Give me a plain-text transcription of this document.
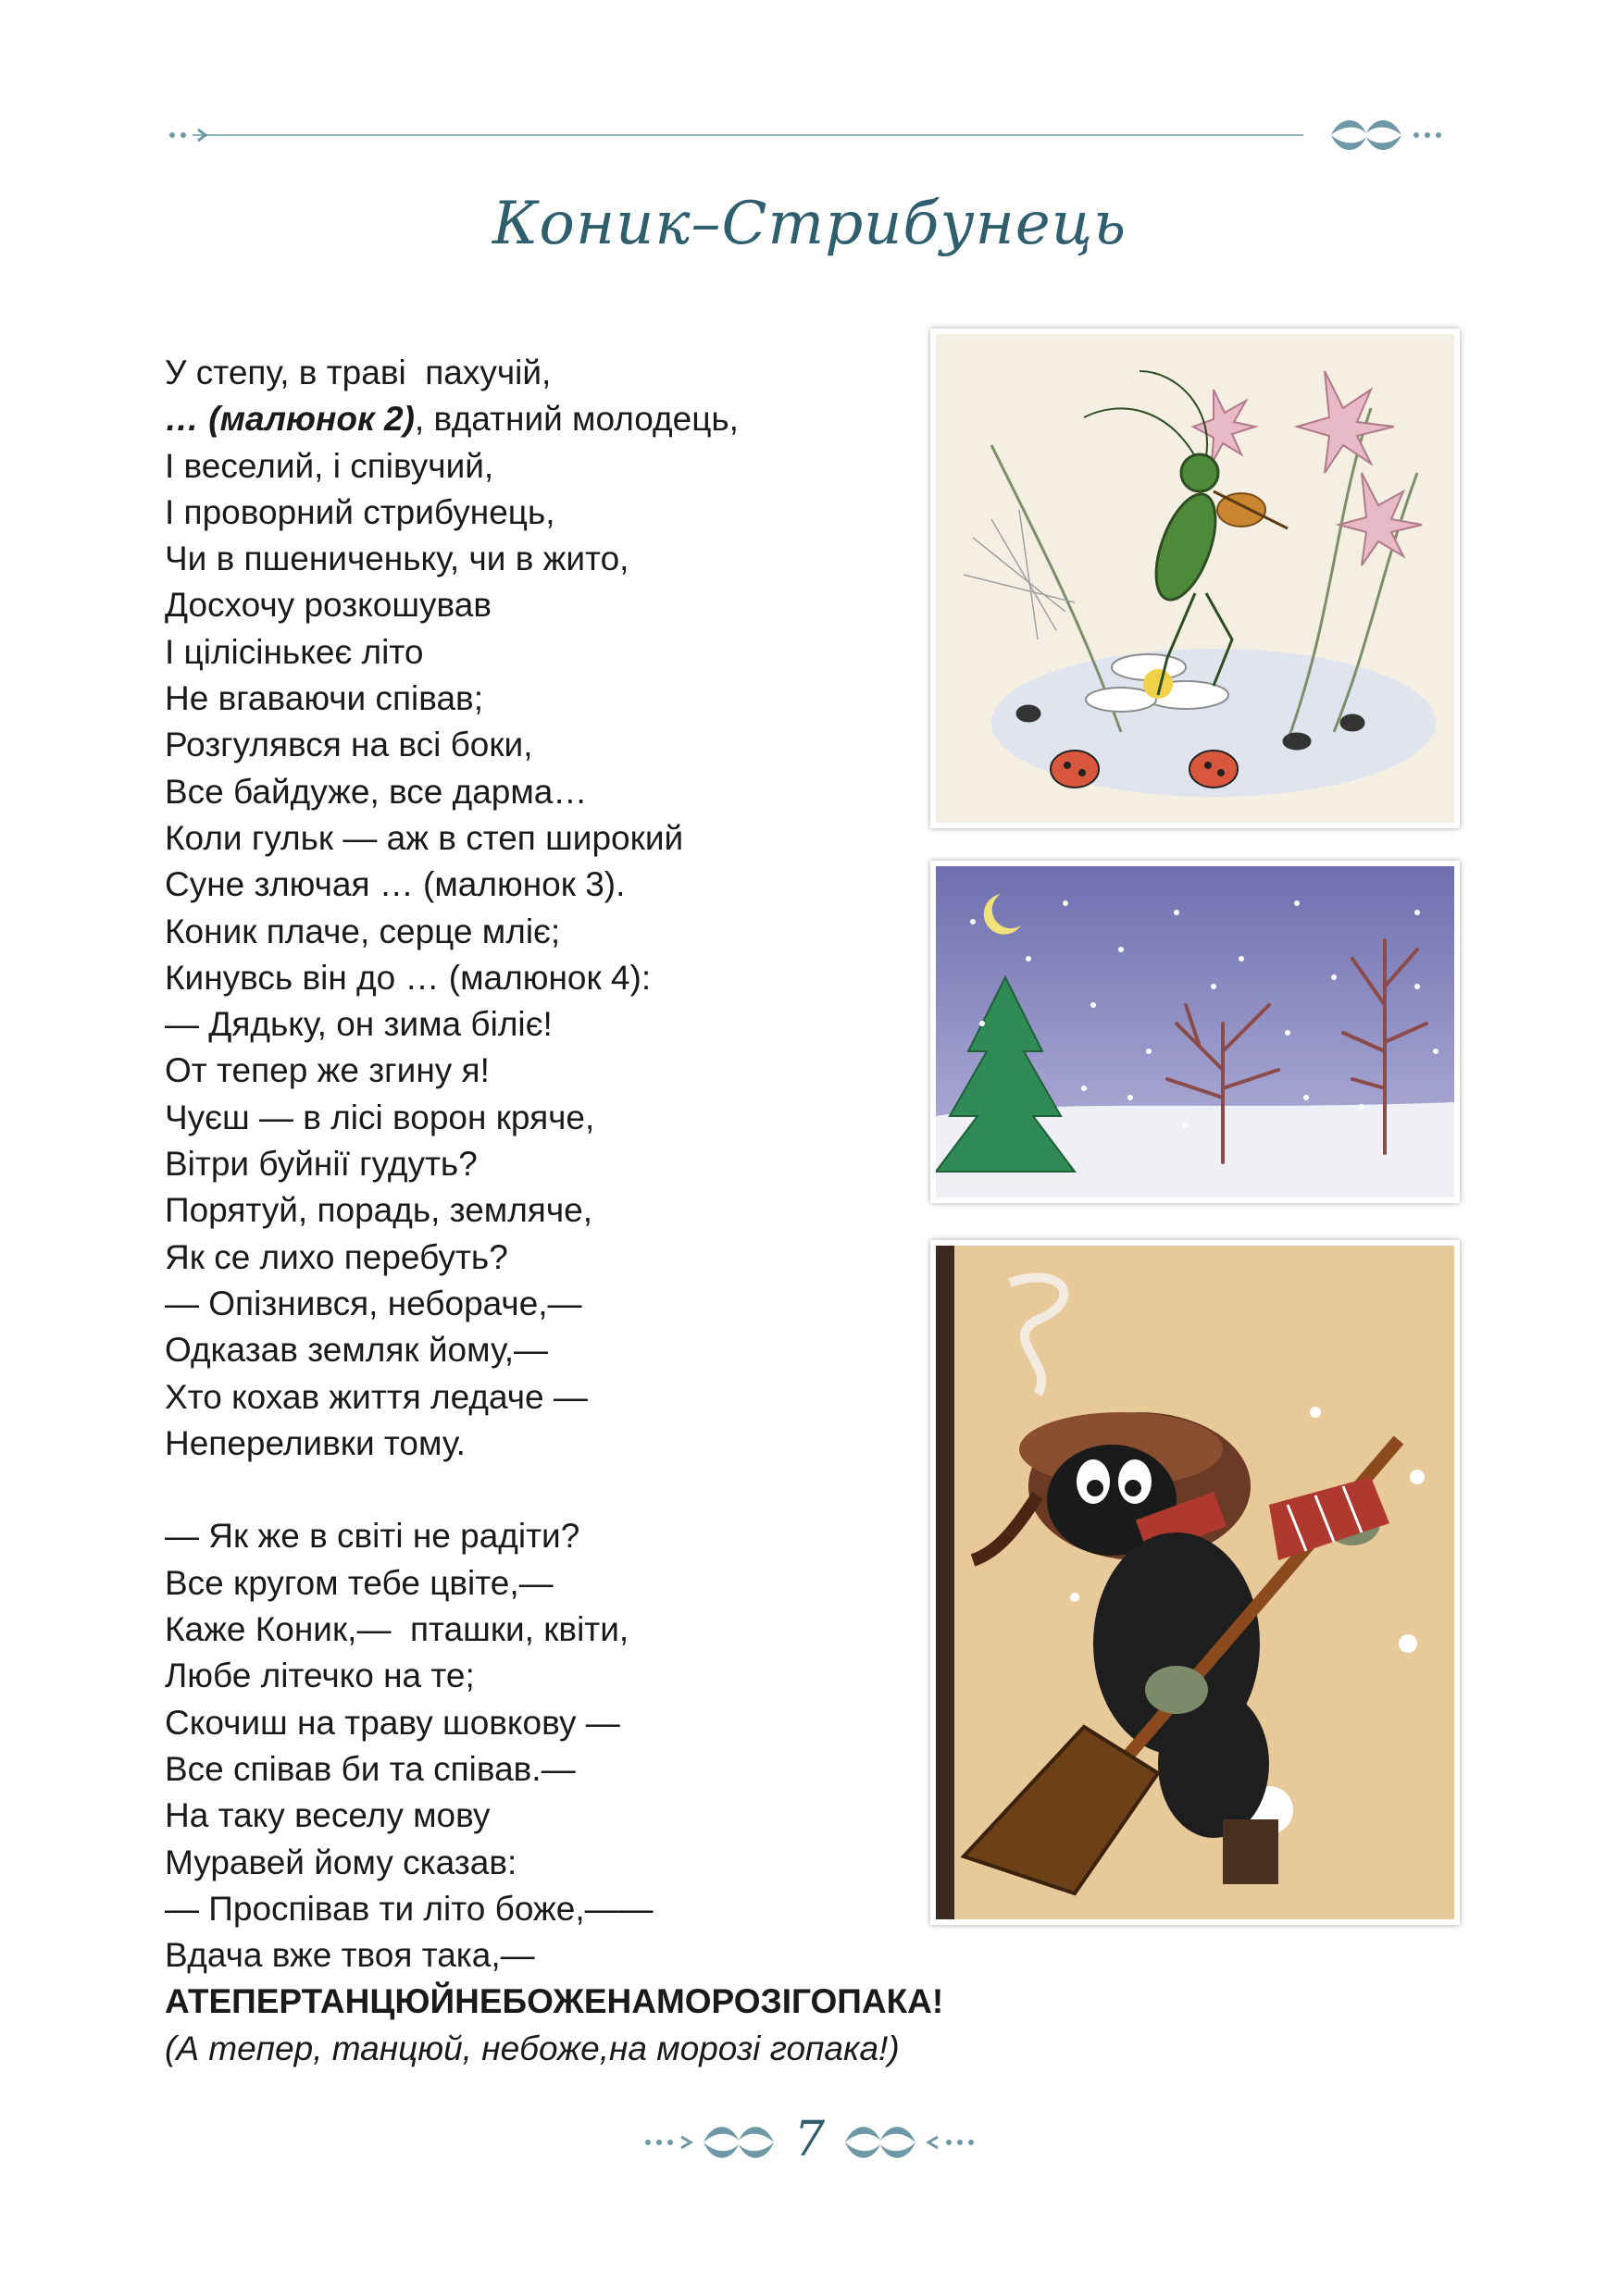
Коник–Стрибунець
У степу, в траві  пахучій,
… (малюнок 2), вдатний молодець,
І веселий, і співучий,
І проворний стрибунець,
Чи в пшениченьку, чи в жито,
Досхочу розкошував
І цілісінькеє літо
Не вгаваючи співав;
Розгулявся на всі боки,
Все байдуже, все дарма…
Коли гульк — аж в степ широкий
Суне злючая … (малюнок 3).
Коник плаче, серце мліє;
Кинувсь він до … (малюнок 4):
— Дядьку, он зима біліє!
От тепер же згину я!
Чуєш — в лісі ворон кряче,
Вітри буйнії гудуть?
Порятуй, порадь, земляче,
Як се лихо перебуть?
— Опізнився, небораче,—
Одказав земляк йому,—
Хто кохав життя ледаче —
Непереливки тому.
— Як же в світі не радіти?
Все кругом тебе цвіте,—
Каже Коник,—  пташки, квіти,
Любе літечко на те;
Скочиш на траву шовкову —
Все співав би та співав.—
На таку веселу мову
Муравей йому сказав:
— Проспівав ти літо боже,——
Вдача вже твоя така,—
АТЕПЕРТАНЦЮЙНЕБОЖЕНАМОРОЗІГОПАКА!
(А тепер, танцюй, небоже,на морозі гопака!)
7
